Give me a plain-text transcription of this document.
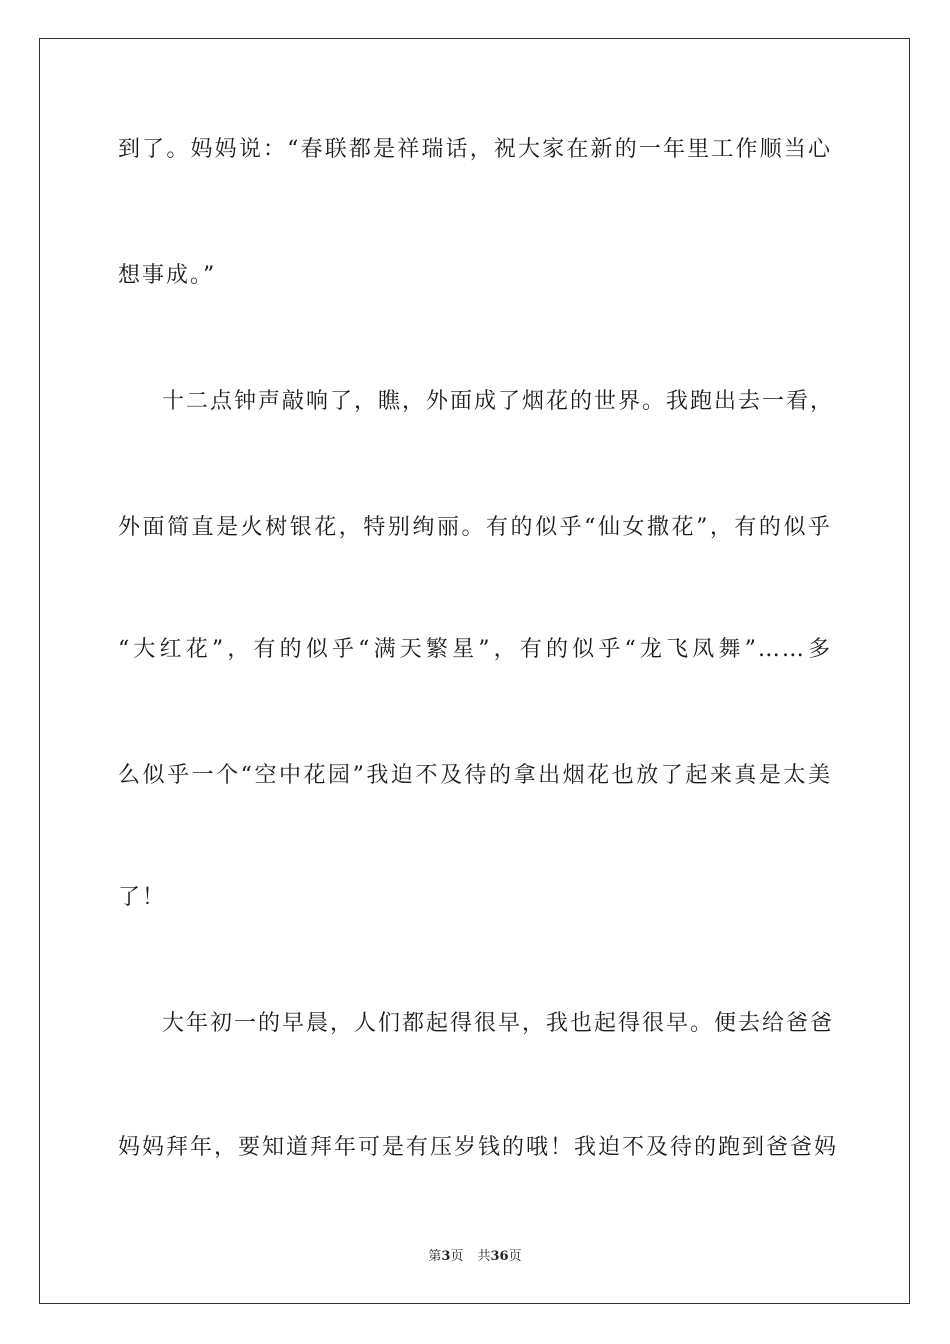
到了。妈妈说：“春联都是祥瑞话，祝大家在新的一年里工作顺当心
想事成。”
十二点钟声敲响了，瞧，外面成了烟花的世界。我跑出去一看，
外面简直是火树银花，特别绚丽。有的似乎“仙女撒花”，有的似乎
“大红花”，有的似乎“满天繁星”，有的似乎“龙飞凤舞”……多
么似乎一个“空中花园”我迫不及待的拿出烟花也放了起来真是太美
了！
大年初一的早晨，人们都起得很早，我也起得很早。便去给爸爸
妈妈拜年，要知道拜年可是有压岁钱的哦！我迫不及待的跑到爸爸妈
第3页 共36页
